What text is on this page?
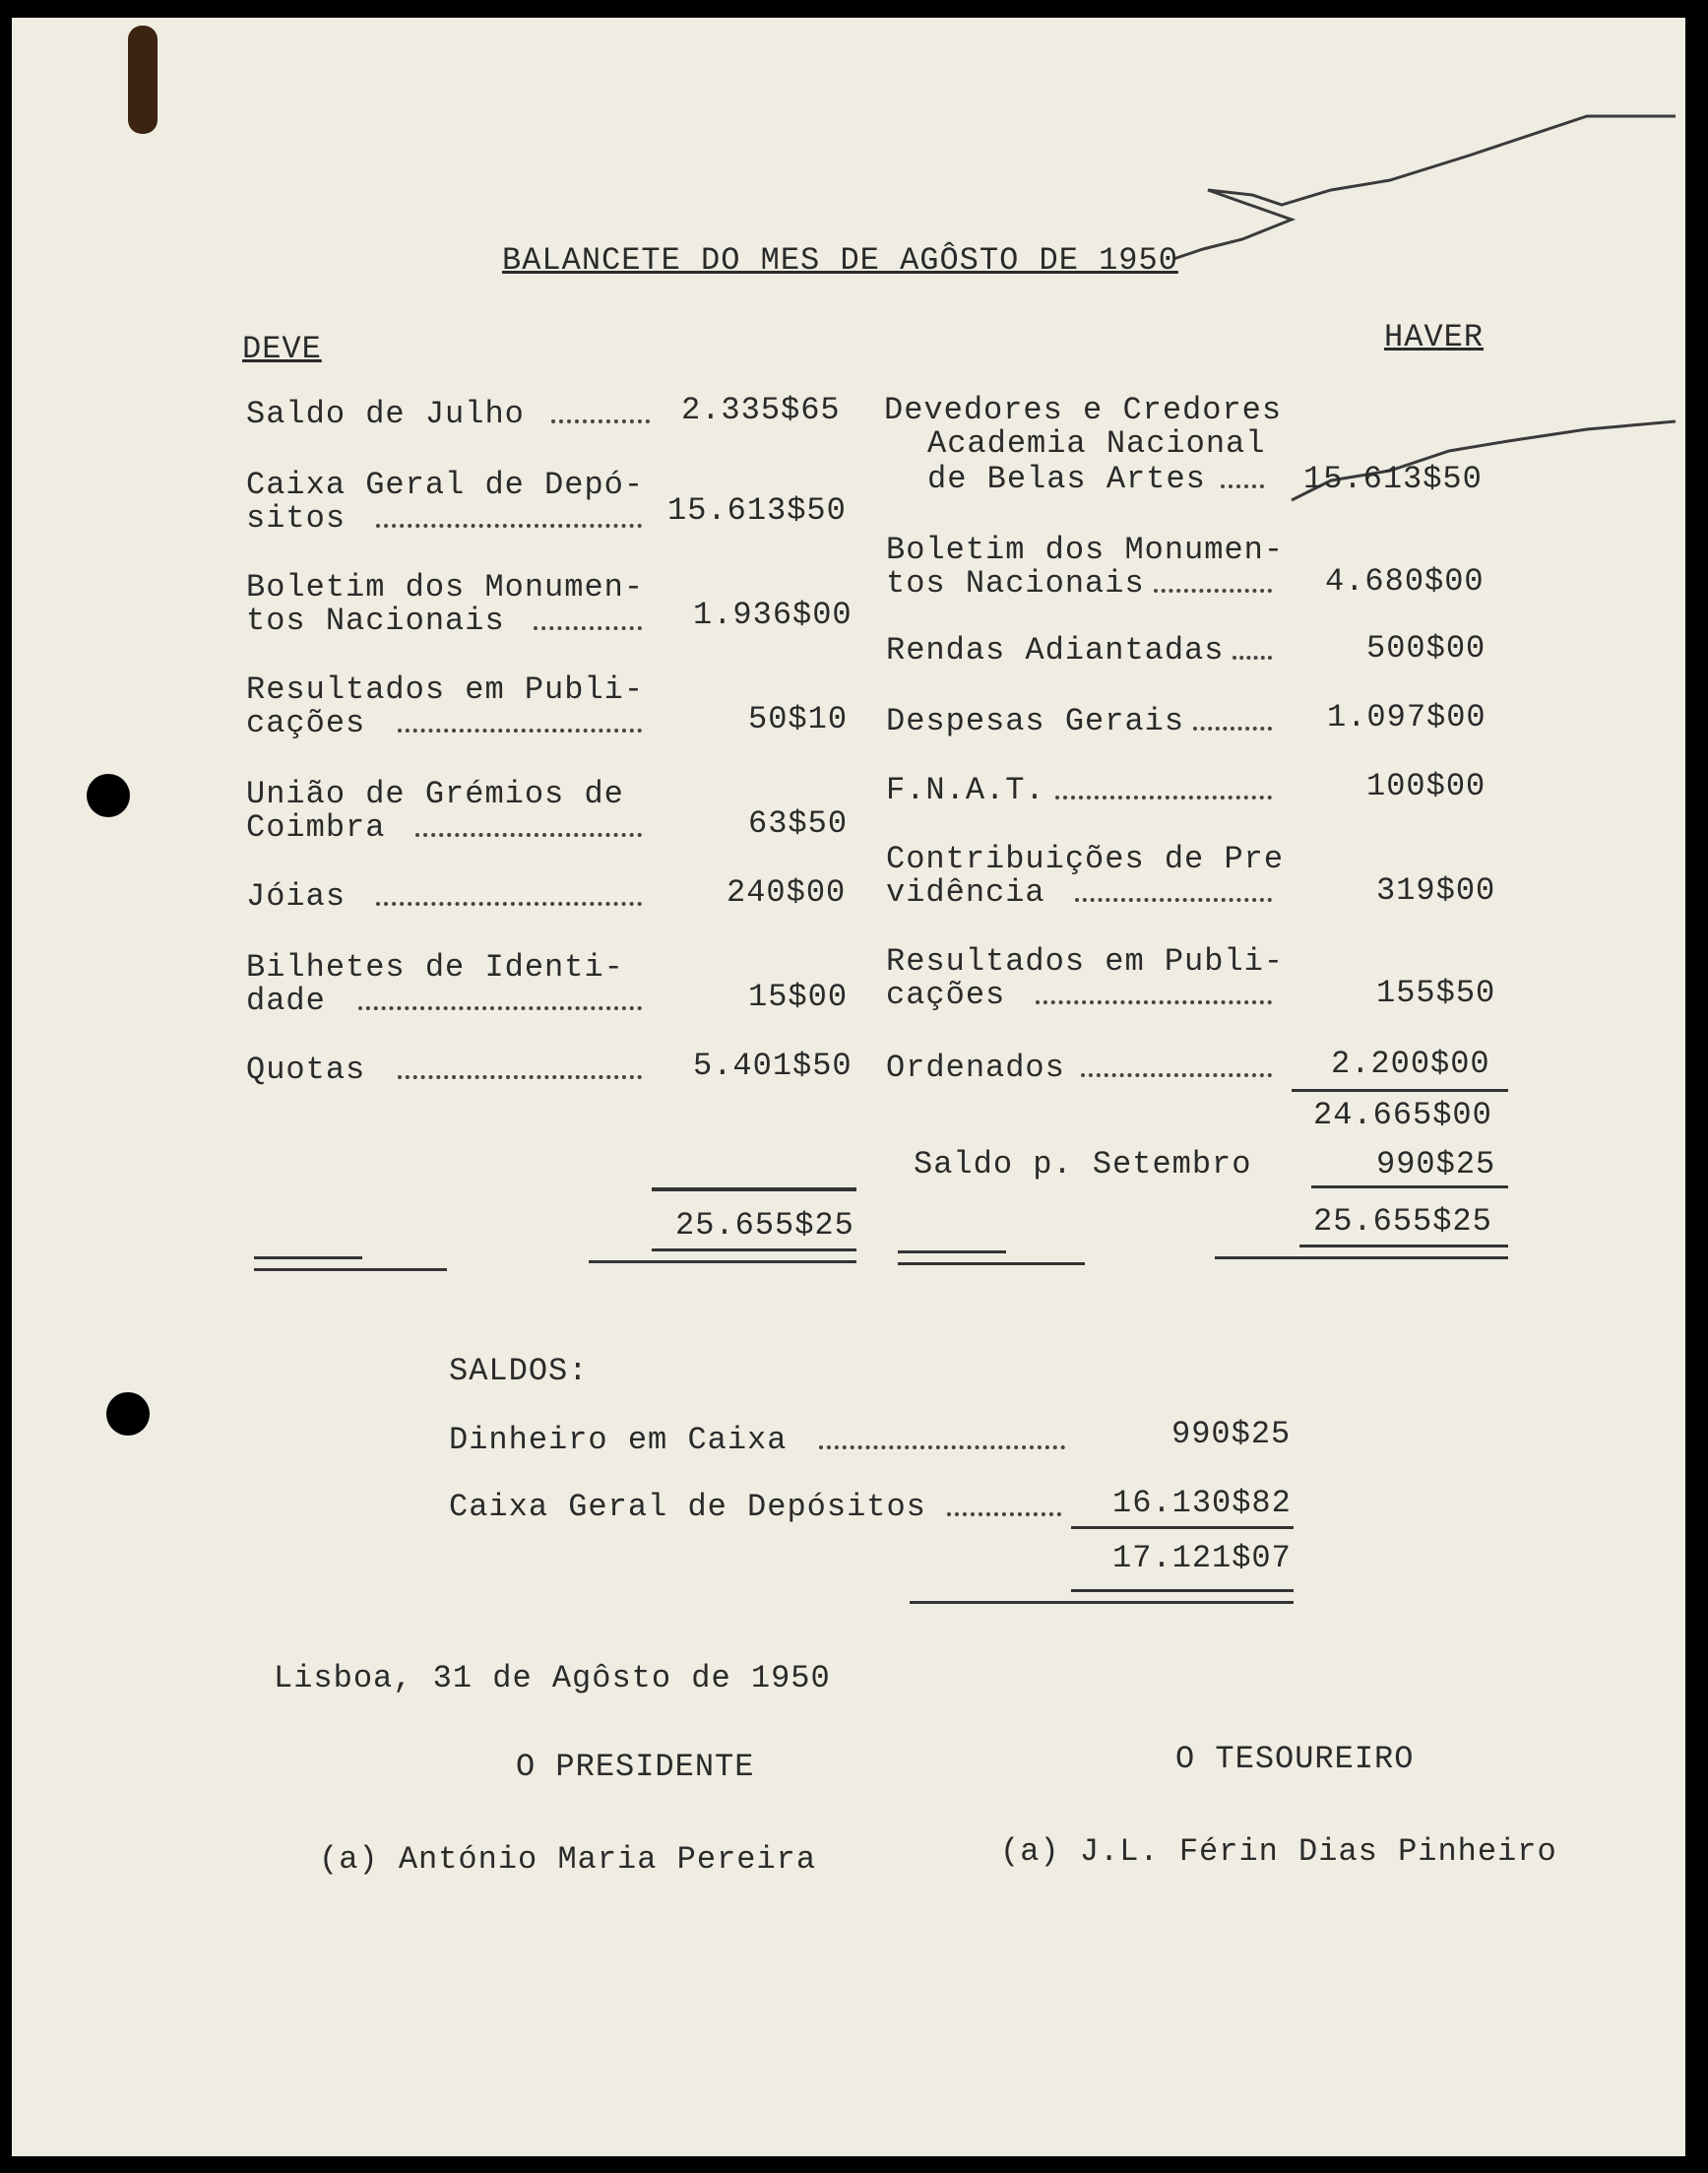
BALANCETE DO MES DE AGÔSTO DE 1950
DEVE	HAVER
Saldo de Julho	2.335$65
Caixa Geral de Depó-
sitos	15.613$50
Boletim dos Monumen-
tos Nacionais	1.936$00
Resultados em Publi-
cações	50$10
União de Grémios de
Coimbra	63$50
Jóias	240$00
Bilhetes de Identi-
dade	15$00
Quotas	5.401$50
25.655$25
Devedores e Credores
Academia Nacional
de Belas Artes	15.613$50
Boletim dos Monumen-
tos Nacionais	4.680$00
Rendas Adiantadas	500$00
Despesas Gerais	1.097$00
F.N.A.T.	100$00
Contribuições de Pre
vidência	319$00
Resultados em Publi-
cações	155$50
Ordenados	2.200$00
24.665$00
Saldo p. Setembro	990$25
25.655$25
SALDOS:
Dinheiro em Caixa	990$25
Caixa Geral de Depósitos	16.130$82
17.121$07
Lisboa, 31 de Agôsto de 1950
O PRESIDENTE	O TESOUREIRO
(a) António Maria Pereira	(a) J.L. Férin Dias Pinheiro
